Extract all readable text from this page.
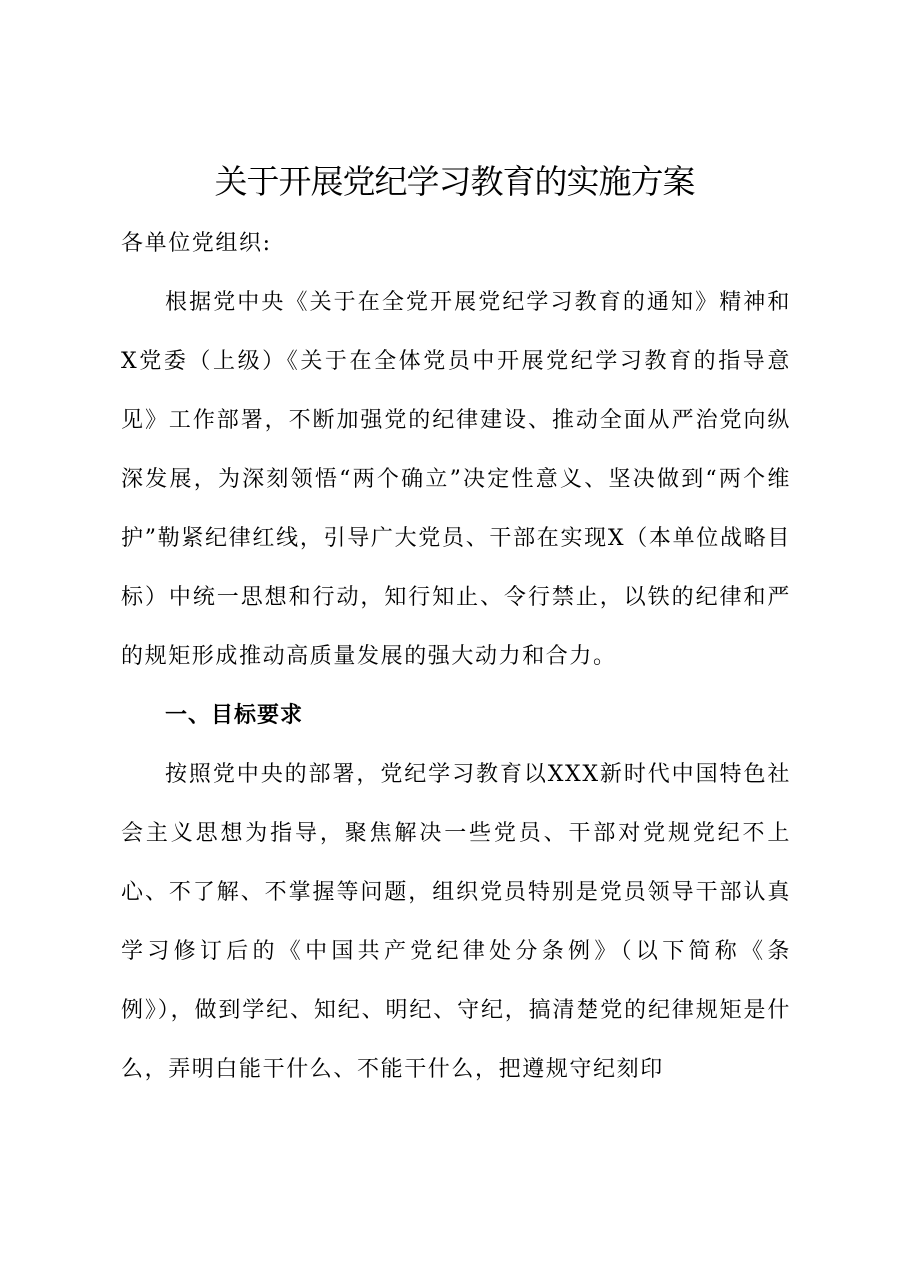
关于开展党纪学习教育的实施方案

各单位党组织:

根据党中央《关于在全党开展党纪学习教育的通知》精神和X党委（上级）《关于在全体党员中开展党纪学习教育的指导意见》工作部署，不断加强党的纪律建设、推动全面从严治党向纵深发展，为深刻领悟“两个确立”决定性意义、坚决做到“两个维护”勒紧纪律红线，引导广大党员、干部在实现X（本单位战略目标）中统一思想和行动，知行知止、令行禁止，以铁的纪律和严的规矩形成推动高质量发展的强大动力和合力。

一、目标要求

按照党中央的部署，党纪学习教育以XXX新时代中国特色社会主义思想为指导，聚焦解决一些党员、干部对党规党纪不上心、不了解、不掌握等问题，组织党员特别是党员领导干部认真学习修订后的《中国共产党纪律处分条例》（以下简称《条例》），做到学纪、知纪、明纪、守纪，搞清楚党的纪律规矩是什么，弄明白能干什么、不能干什么，把遵规守纪刻印
